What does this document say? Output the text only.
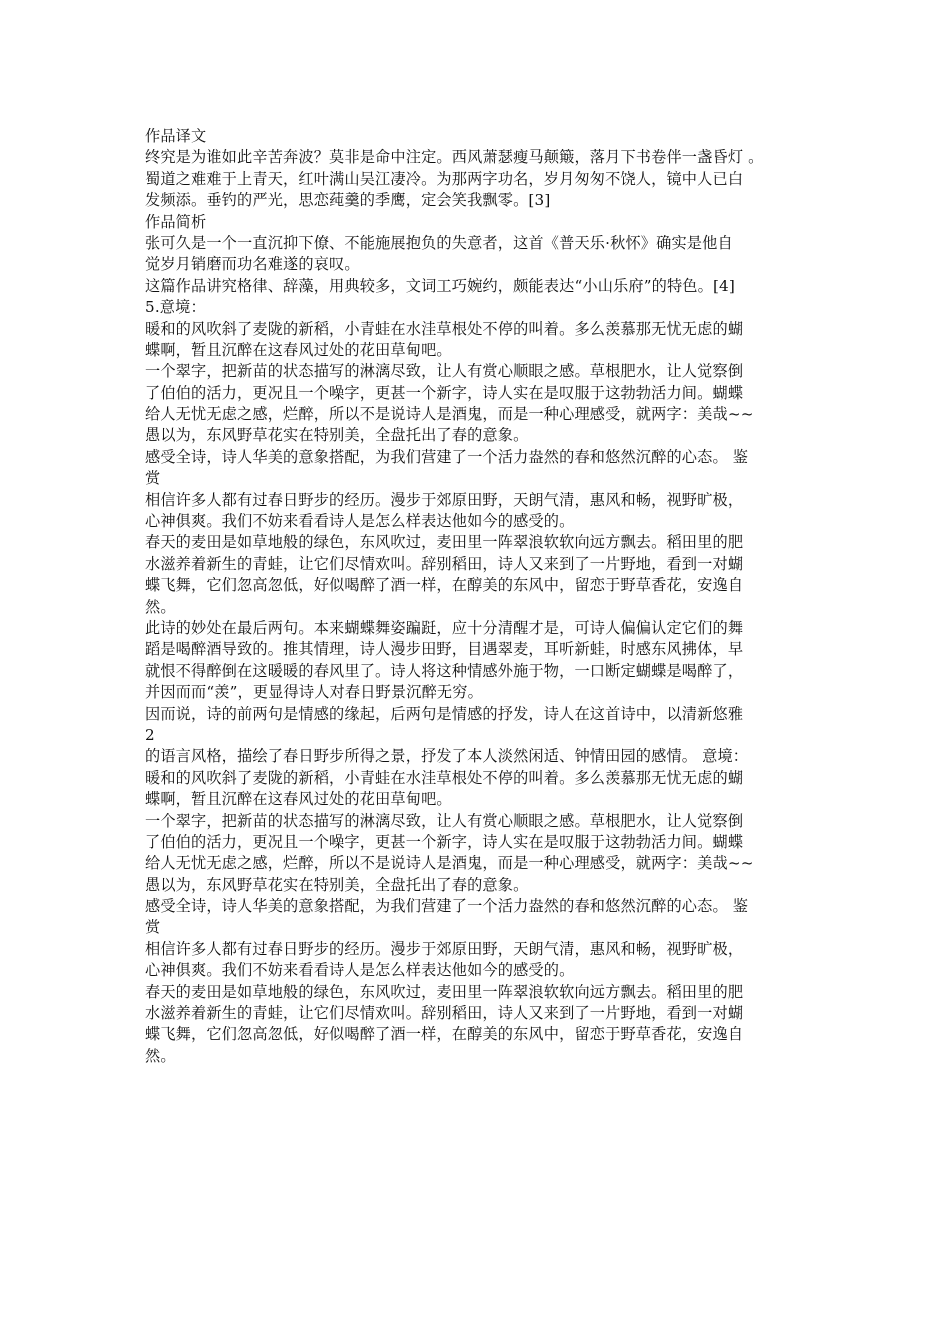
作品译文
终究是为谁如此辛苦奔波？莫非是命中注定。西风萧瑟瘦马颠簸，落月下书卷伴一盏昏灯 。
蜀道之难难于上青天，红叶满山吴江凄冷。为那两字功名，岁月匆匆不饶人，镜中人已白
发频添。垂钓的严光，思恋莼羹的季鹰，定会笑我飘零。[3]
作品简析
张可久是一个一直沉抑下僚、不能施展抱负的失意者，这首《普天乐·秋怀》确实是他自
觉岁月销磨而功名难遂的哀叹。
这篇作品讲究格律、辞藻，用典较多，文词工巧婉约，颇能表达“小山乐府”的特色。[4]
5.意境：
暖和的风吹斜了麦陇的新稻，小青蛙在水洼草根处不停的叫着。多么羡慕那无忧无虑的蝴
蝶啊，暂且沉醉在这春风过处的花田草甸吧。
一个翠字，把新苗的状态描写的淋漓尽致，让人有赏心顺眼之感。草根肥水，让人觉察倒
了伯伯的活力，更况且一个噪字，更甚一个新字，诗人实在是叹服于这勃勃活力间。蝴蝶
给人无忧无虑之感，烂醉，所以不是说诗人是酒鬼，而是一种心理感受，就两字：美哉~~
愚以为，东风野草花实在特别美，全盘托出了春的意象。
感受全诗，诗人华美的意象搭配，为我们营建了一个活力盎然的春和悠然沉醉的心态。 鉴
赏
相信许多人都有过春日野步的经历。漫步于郊原田野，天朗气清，惠风和畅，视野旷极，
心神俱爽。我们不妨来看看诗人是怎么样表达他如今的感受的。
春天的麦田是如草地般的绿色，东风吹过，麦田里一阵翠浪软软向远方飘去。稻田里的肥
水滋养着新生的青蛙，让它们尽情欢叫。辞别稻田，诗人又来到了一片野地，看到一对蝴
蝶飞舞，它们忽高忽低，好似喝醉了酒一样，在醇美的东风中，留恋于野草香花，安逸自
然。
此诗的妙处在最后两句。本来蝴蝶舞姿蹁跹，应十分清醒才是，可诗人偏偏认定它们的舞
蹈是喝醉酒导致的。推其情理，诗人漫步田野，目遇翠麦，耳听新蛙，时感东风拂体，早
就恨不得醉倒在这暖暖的春风里了。诗人将这种情感外施于物，一口断定蝴蝶是喝醉了，
并因而而“羡”，更显得诗人对春日野景沉醉无穷。
因而说，诗的前两句是情感的缘起，后两句是情感的抒发，诗人在这首诗中，以清新悠雅
2
的语言风格，描绘了春日野步所得之景，抒发了本人淡然闲适、钟情田园的感情。 意境：
暖和的风吹斜了麦陇的新稻，小青蛙在水洼草根处不停的叫着。多么羡慕那无忧无虑的蝴
蝶啊，暂且沉醉在这春风过处的花田草甸吧。
一个翠字，把新苗的状态描写的淋漓尽致，让人有赏心顺眼之感。草根肥水，让人觉察倒
了伯伯的活力，更况且一个噪字，更甚一个新字，诗人实在是叹服于这勃勃活力间。蝴蝶
给人无忧无虑之感，烂醉，所以不是说诗人是酒鬼，而是一种心理感受，就两字：美哉~~
愚以为，东风野草花实在特别美，全盘托出了春的意象。
感受全诗，诗人华美的意象搭配，为我们营建了一个活力盎然的春和悠然沉醉的心态。 鉴
赏
相信许多人都有过春日野步的经历。漫步于郊原田野，天朗气清，惠风和畅，视野旷极，
心神俱爽。我们不妨来看看诗人是怎么样表达他如今的感受的。
春天的麦田是如草地般的绿色，东风吹过，麦田里一阵翠浪软软向远方飘去。稻田里的肥
水滋养着新生的青蛙，让它们尽情欢叫。辞别稻田，诗人又来到了一片野地，看到一对蝴
蝶飞舞，它们忽高忽低，好似喝醉了酒一样，在醇美的东风中，留恋于野草香花，安逸自
然。
